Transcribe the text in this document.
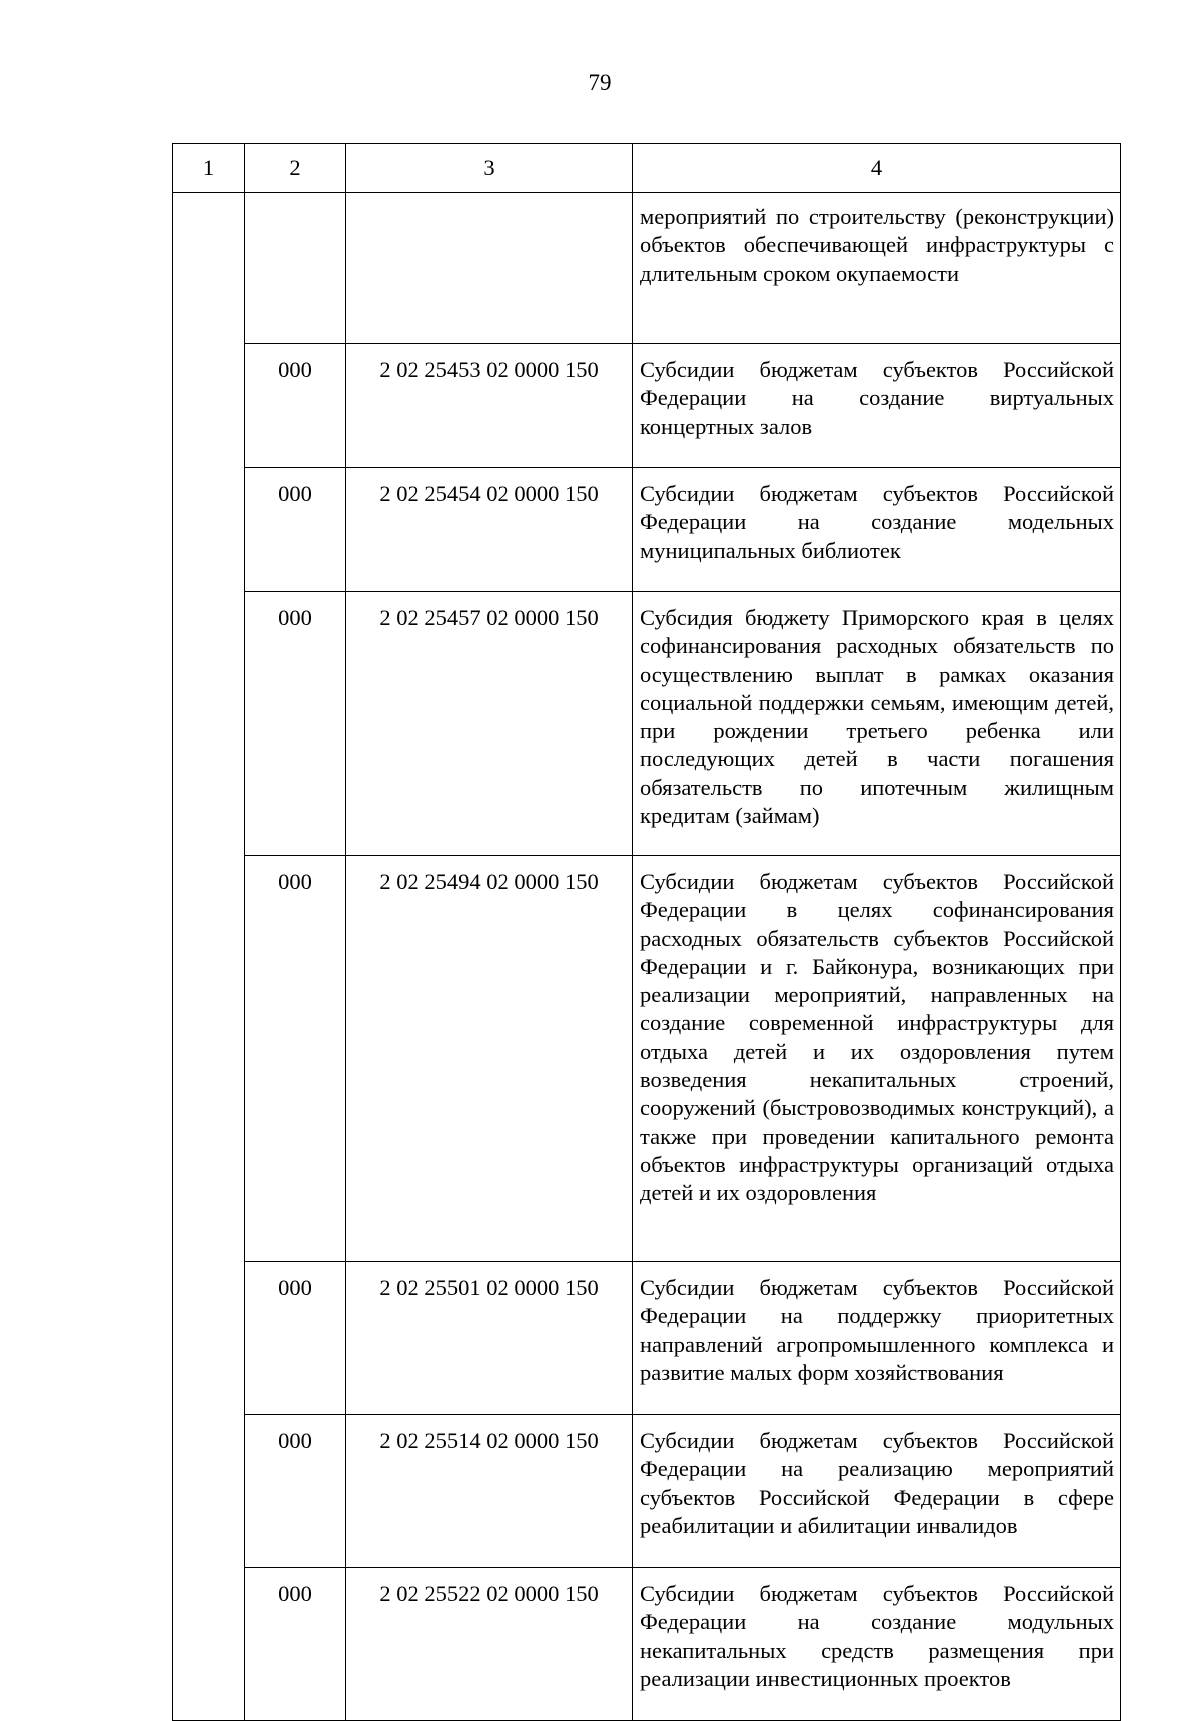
79
1	2	3	4
			мероприятий по строительству (реконструкции) объектов обеспечивающей инфраструктуры с длительным сроком окупаемости
	000	2 02 25453 02 0000 150	Субсидии бюджетам субъектов Российской Федерации на создание виртуальных концертных залов
	000	2 02 25454 02 0000 150	Субсидии бюджетам субъектов Российской Федерации на создание модельных муниципальных библиотек
	000	2 02 25457 02 0000 150	Субсидия бюджету Приморского края в целях софинансирования расходных обязательств по осуществлению выплат в рамках оказания социальной поддержки семьям, имеющим детей, при рождении третьего ребенка или последующих детей в части погашения обязательств по ипотечным жилищным кредитам (займам)
	000	2 02 25494 02 0000 150	Субсидии бюджетам субъектов Российской Федерации в целях софинансирования расходных обязательств субъектов Российской Федерации и г. Байконура, возникающих при реализации мероприятий, направленных на создание современной инфраструктуры для отдыха детей и их оздоровления путем возведения некапитальных строений, сооружений (быстровозводимых конструкций), а также при проведении капитального ремонта объектов инфраструктуры организаций отдыха детей и их оздоровления
	000	2 02 25501 02 0000 150	Субсидии бюджетам субъектов Российской Федерации на поддержку приоритетных направлений агропромышленного комплекса и развитие малых форм хозяйствования
	000	2 02 25514 02 0000 150	Субсидии бюджетам субъектов Российской Федерации на реализацию мероприятий субъектов Российской Федерации в сфере реабилитации и абилитации инвалидов
	000	2 02 25522 02 0000 150	Субсидии бюджетам субъектов Российской Федерации на создание модульных некапитальных средств размещения при реализации инвестиционных проектов
